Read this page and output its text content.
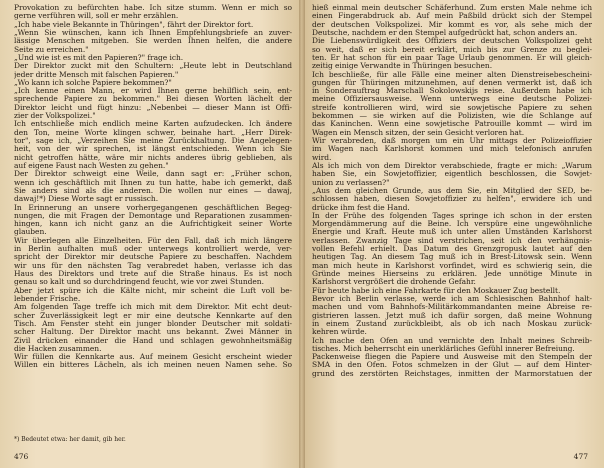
Provokation zu befürchten habe. Ich sitze stumm. Wenn er mich so
gerne verführen will, soll er mehr erzählen.
„Ich habe viele Bekannte in Thüringen", fährt der Direktor fort.
„Wenn Sie wünschen, kann ich Ihnen Empfehlungsbriefe an zuver-
lässige Menschen mitgeben. Sie werden Ihnen helfen, die andere
Seite zu erreichen."
„Und wie ist es mit den Papieren?" frage ich.
Der Direktor zuckt mit den Schultern: „Heute lebt in Deutschland
jeder dritte Mensch mit falschen Papieren."
„Wo kann ich solche Papiere bekommen?"
„Ich kenne einen Mann, er wird Ihnen gerne behilflich sein, ent-
sprechende Papiere zu bekommen." Bei diesen Worten lächelt der
Direktor leicht und fügt hinzu: „Nebenbei — dieser Mann ist Offi-
zier der Volkspolizei."
Ich entschließe mich endlich meine Karten aufzudecken. Ich ändere
den Ton, meine Worte klingen schwer, beinahe hart. „Herr Direk-
tor", sage ich, „Verzeihen Sie meine Zurückhaltung. Die Angelegen-
heit, von der wir sprechen, ist längst entschieden. Wenn ich Sie
nicht getroffen hätte, wäre mir nichts anderes übrig geblieben, als
auf eigene Faust nach Westen zu gehen."
Der Direktor schweigt eine Weile, dann sagt er: „Früher schon,
wenn ich geschäftlich mit Ihnen zu tun hatte, habe ich gemerkt, daß
Sie anders sind als die anderen. Die wollen nur eines — dawaj,
dawaj!*) Diese Worte sagt er russisch.
In Erinnerung an unsere vorhergegangenen geschäftlichen Begeg-
nungen, die mit Fragen der Demontage und Reparationen zusammen-
hingen, kann ich nicht ganz an die Aufrichtigkeit seiner Worte
glauben.
Wir überlegen alle Einzelheiten. Für den Fall, daß ich mich längere
in Berlin aufhalten muß oder unterwegs kontrolliert werde, ver-
spricht der Direktor mir deutsche Papiere zu beschaffen. Nachdem
wir uns für den nächsten Tag verabredet haben, verlasse ich das
Haus des Direktors und trete auf die Straße hinaus. Es ist noch
genau so kalt und so durchdringend feucht, wie vor zwei Stunden.
Aber jetzt spüre ich die Kälte nicht, mir scheint die Luft voll be-
lebender Frische.
Am folgenden Tage treffe ich mich mit dem Direktor. Mit echt deut-
scher Zuverlässigkeit legt er mir eine deutsche Kennkarte auf den
Tisch. Am Fenster steht ein junger blonder Deutscher mit soldati-
scher Haltung. Der Direktor macht uns bekannt. Zwei Männer in
Zivil drücken einander die Hand und schlagen gewohnheitsmäßig
die Hacken zusammen.
Wir füllen die Kennkarte aus. Auf meinem Gesicht erscheint wieder
Willen ein bitteres Lächeln, als ich meinen neuen Namen sehe. So
*) Bedeutet etwa: her damit, gib her.
476
hieß einmal mein deutscher Schäferhund. Zum ersten Male nehme ich
einen Fingerabdruck ab. Auf mein Paßbild drückt sich der Stempel
der deutschen Volkspolizei. Mir kommt es vor, als sehe mich der
Deutsche, nachdem er den Stempel aufgedrückt hat, schon anders an.
Die Liebenswürdigkeit des Offiziers der deutschen Volkspolizei geht
so weit, daß er sich bereit erklärt, mich bis zur Grenze zu beglei-
ten. Er hat schon für ein paar Tage Urlaub genommen. Er will gleich-
zeitig einige Verwandte in Thüringen besuchen.
Ich beschließe, für alle Fälle eine meiner alten Dienstreisebescheini-
gungen für Thüringen mitzunehmen, auf denen vermerkt ist, daß ich
in Sonderauftrag Marschall Sokolowskijs reise. Außerdem habe ich
meine Offiziersausweise. Wenn unterwegs eine deutsche Polizei-
streife kontrollieren wird, wird sie sowjetische Papiere zu sehen
bekommen — sie wirken auf die Polizisten, wie die Schlange auf
das Kaninchen. Wenn eine sowjetische Patrouille kommt — wird im
Wagen ein Mensch sitzen, der sein Gesicht verloren hat.
Wir verabreden, daß morgen um ein Uhr mittags der Polizeioffizier
im Wagen nach Karlshorst kommen und mich telefonisch anrufen
wird.
Als ich mich von dem Direktor verabschiede, fragte er mich: „Warum
haben Sie, ein Sowjetoffizier, eigentlich beschlossen, die Sowjet-
union zu verlassen?"
„Aus dem gleichen Grunde, aus dem Sie, ein Mitglied der SED, be-
schlossen haben, diesen Sowjetoffizier zu helfen", erwidere ich und
drücke ihm fest die Hand.
In der Frühe des folgenden Tages springe ich schon in der ersten
Morgendämmerung auf die Beine. Ich verspüre eine ungewöhnliche
Energie und Kraft. Heute muß ich unter allen Umständen Karlshorst
verlassen. Zwanzig Tage sind verstrichen, seit ich den verhängnis-
vollen Befehl erhielt. Das Datum des Grenzgropusk lautet auf den
heutigen Tag. An diesem Tag muß ich in Brest-Litowsk sein. Wenn
man mich heute in Karlshorst vorfindet, wird es schwierig sein, die
Gründe meines Hierseins zu erklären. Jede unnötige Minute in
Karlshorst vergrößert die drohende Gefahr.
Für heute habe ich eine Fahrkarte für den Moskauer Zug bestellt.
Bevor ich Berlin verlasse, werde ich am Schlesischen Bahnhof halt-
machen und vom Bahnhofs-Militärkommandanten meine Abreise re-
gistrieren lassen. Jetzt muß ich dafür sorgen, daß meine Wohnung
in einem Zustand zurückbleibt, als ob ich nach Moskau zurück-
kehren würde.
Ich mache den Ofen an und vernichte den Inhalt meines Schreib-
tisches. Mich beherrscht ein unerklärliches Gefühl innerer Befreiung.
Packenweise fliegen die Papiere und Ausweise mit den Stempeln der
SMA in den Ofen. Fotos schmelzen in der Glut — auf dem Hinter-
grund des zerstörten Reichstages, inmitten der Marmorstatuen der
477
